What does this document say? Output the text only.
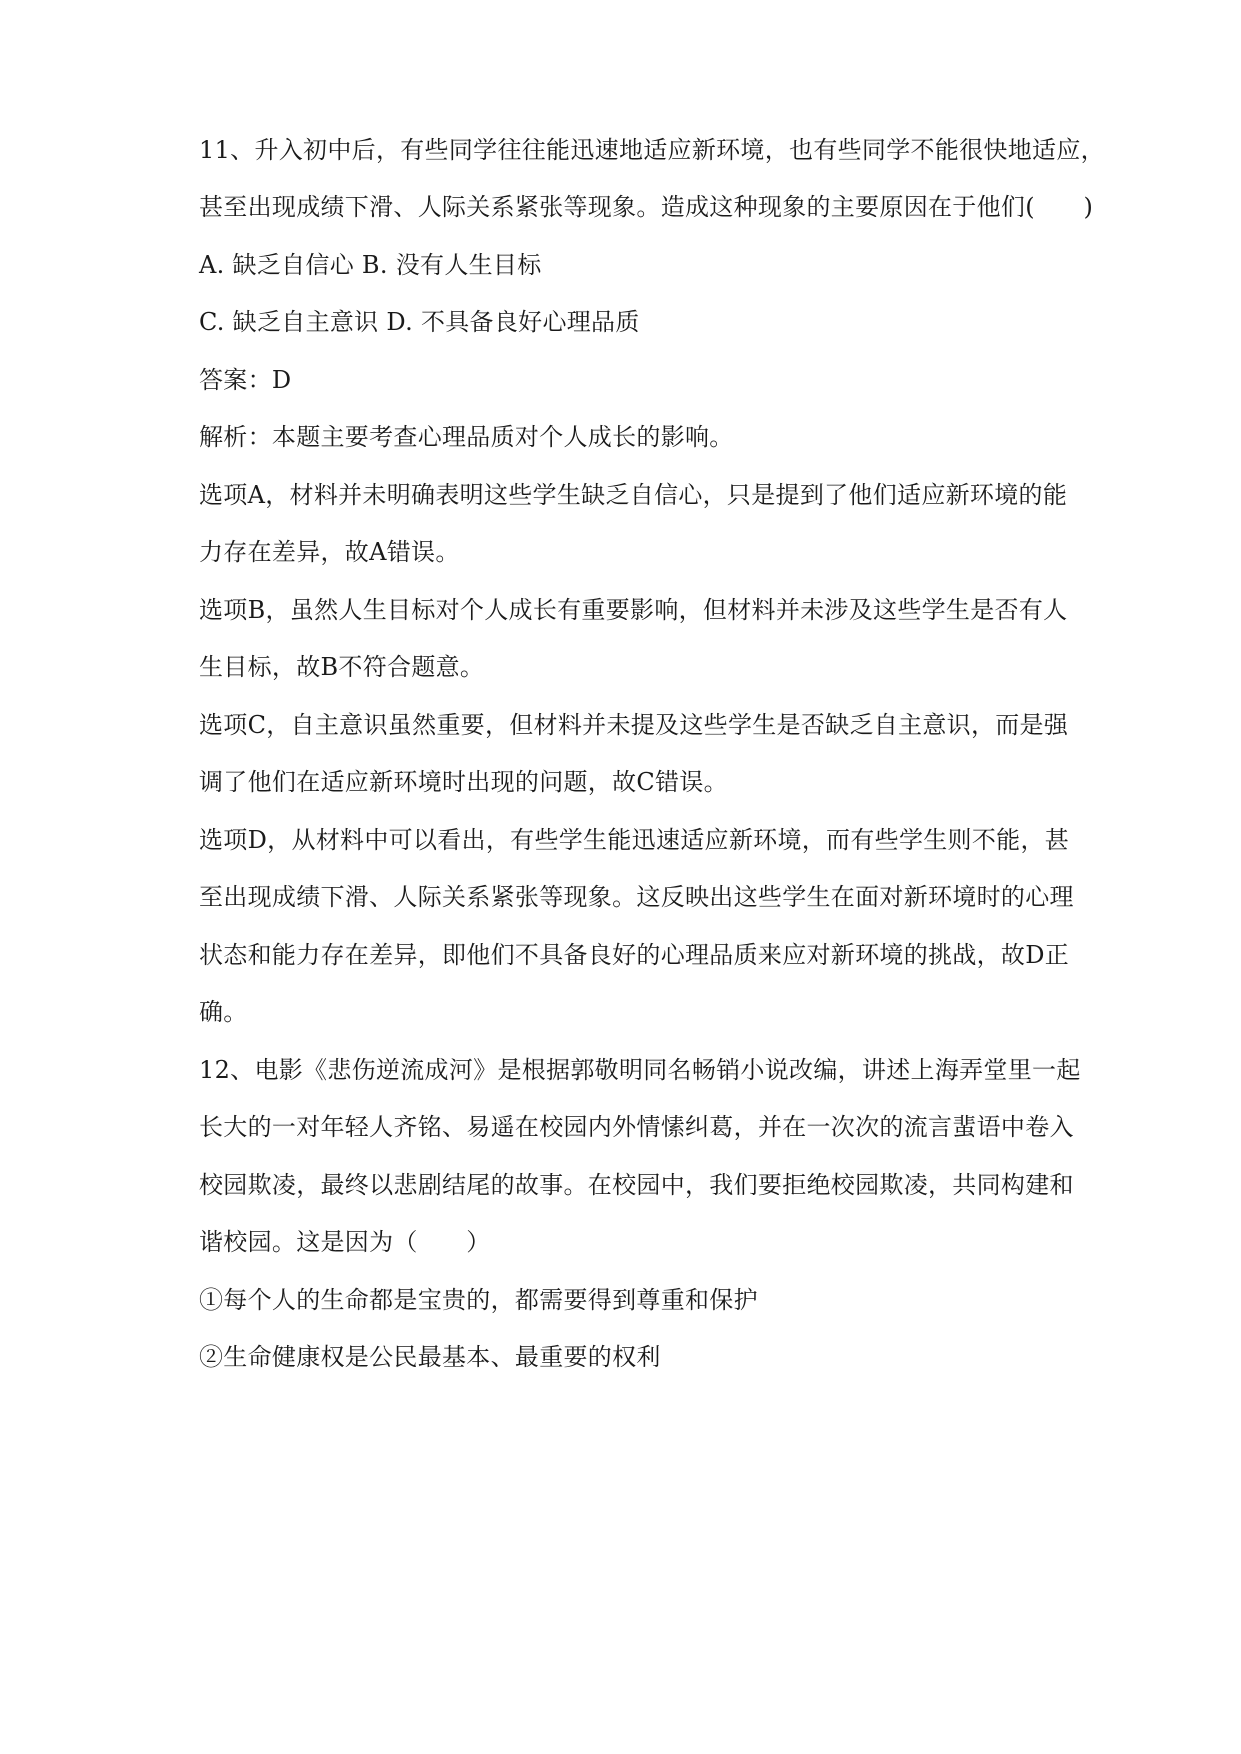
11、升入初中后，有些同学往往能迅速地适应新环境，也有些同学不能很快地适应，
甚至出现成绩下滑、人际关系紧张等现象。造成这种现象的主要原因在于他们(　　)
A. 缺乏自信心 B. 没有人生目标
C. 缺乏自主意识 D. 不具备良好心理品质
答案：D
解析：本题主要考查心理品质对个人成长的影响。
选项A，材料并未明确表明这些学生缺乏自信心，只是提到了他们适应新环境的能
力存在差异，故A错误。
选项B，虽然人生目标对个人成长有重要影响，但材料并未涉及这些学生是否有人
生目标，故B不符合题意。
选项C，自主意识虽然重要，但材料并未提及这些学生是否缺乏自主意识，而是强
调了他们在适应新环境时出现的问题，故C错误。
选项D，从材料中可以看出，有些学生能迅速适应新环境，而有些学生则不能，甚
至出现成绩下滑、人际关系紧张等现象。这反映出这些学生在面对新环境时的心理
状态和能力存在差异，即他们不具备良好的心理品质来应对新环境的挑战，故D正
确。
12、电影《悲伤逆流成河》是根据郭敬明同名畅销小说改编，讲述上海弄堂里一起
长大的一对年轻人齐铭、易遥在校园内外情愫纠葛，并在一次次的流言蜚语中卷入
校园欺凌，最终以悲剧结尾的故事。在校园中，我们要拒绝校园欺凌，共同构建和
谐校园。这是因为（　　）
①每个人的生命都是宝贵的，都需要得到尊重和保护
②生命健康权是公民最基本、最重要的权利
